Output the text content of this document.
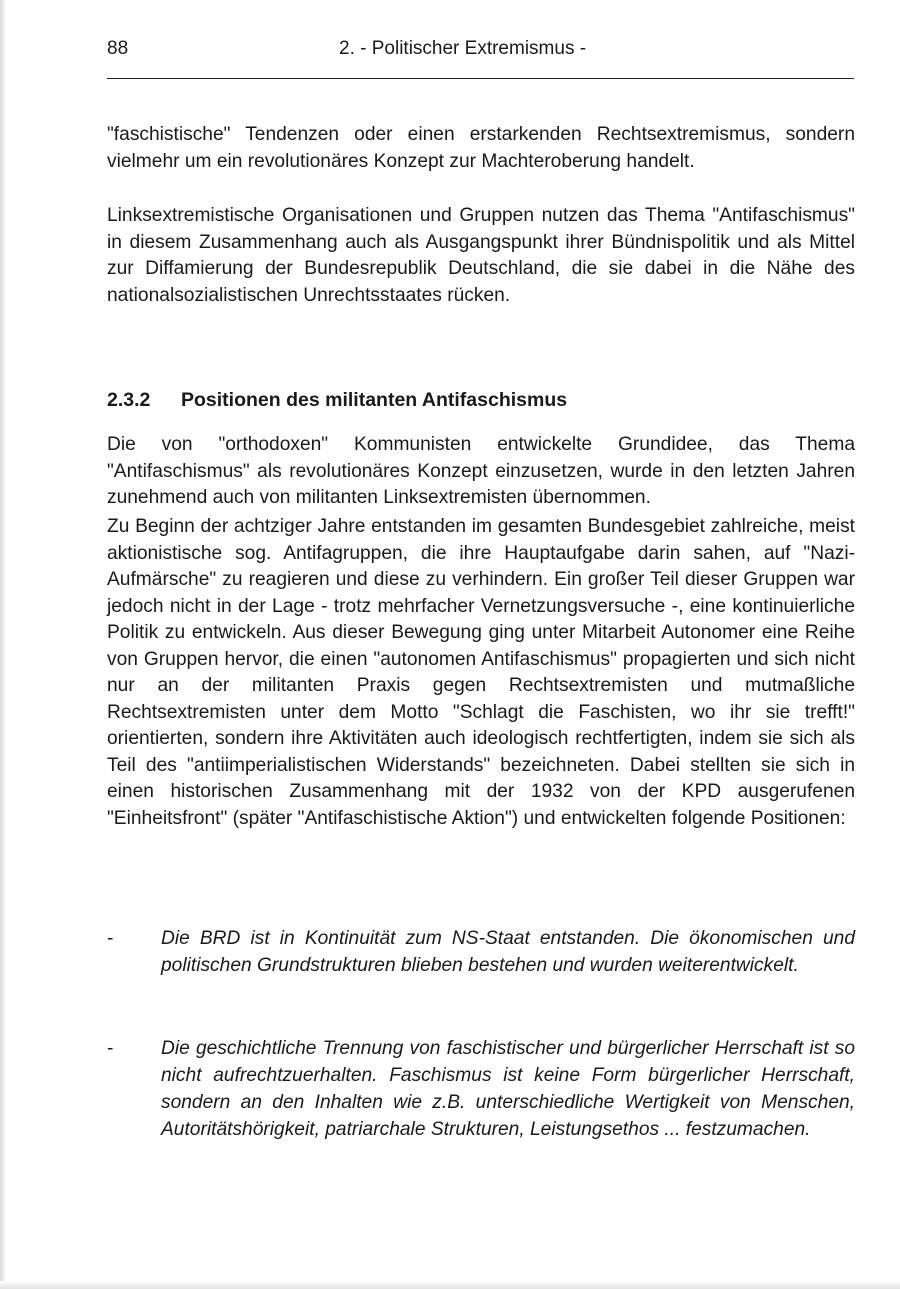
88	2. - Politischer Extremismus -

"faschistische" Tendenzen oder einen erstarkenden Rechtsextremismus, sondern vielmehr um ein revolutionäres Konzept zur Machteroberung handelt.

Linksextremistische Organisationen und Gruppen nutzen das Thema "Antifaschismus" in diesem Zusammenhang auch als Ausgangspunkt ihrer Bündnispolitik und als Mittel zur Diffamierung der Bundesrepublik Deutschland, die sie dabei in die Nähe des nationalsozialistischen Unrechtsstaates rücken.

2.3.2 Positionen des militanten Antifaschismus

Die von "orthodoxen" Kommunisten entwickelte Grundidee, das Thema "Antifaschismus" als revolutionäres Konzept einzusetzen, wurde in den letzten Jahren zunehmend auch von militanten Linksextremisten übernommen.

Zu Beginn der achtziger Jahre entstanden im gesamten Bundesgebiet zahlreiche, meist aktionistische sog. Antifagruppen, die ihre Hauptaufgabe darin sahen, auf "Nazi-Aufmärsche" zu reagieren und diese zu verhindern. Ein großer Teil dieser Gruppen war jedoch nicht in der Lage - trotz mehrfacher Vernetzungsversuche -, eine kontinuierliche Politik zu entwickeln. Aus dieser Bewegung ging unter Mitarbeit Autonomer eine Reihe von Gruppen hervor, die einen "autonomen Antifaschismus" propagierten und sich nicht nur an der militanten Praxis gegen Rechtsextremisten und mutmaßliche Rechtsextremisten unter dem Motto "Schlagt die Faschisten, wo ihr sie trefft!" orientierten, sondern ihre Aktivitäten auch ideologisch rechtfertigten, indem sie sich als Teil des "antiimperialistischen Widerstands" bezeichneten. Dabei stellten sie sich in einen historischen Zusammenhang mit der 1932 von der KPD ausgerufenen "Einheitsfront" (später "Antifaschistische Aktion") und entwickelten folgende Positionen:

- Die BRD ist in Kontinuität zum NS-Staat entstanden. Die ökonomischen und politischen Grundstrukturen blieben bestehen und wurden weiterentwickelt.
- Die geschichtliche Trennung von faschistischer und bürgerlicher Herrschaft ist so nicht aufrechtzuerhalten. Faschismus ist keine Form bürgerlicher Herrschaft, sondern an den Inhalten wie z.B. unterschiedliche Wertigkeit von Menschen, Autoritätshörigkeit, patriarchale Strukturen, Leistungsethos ... festzumachen.
